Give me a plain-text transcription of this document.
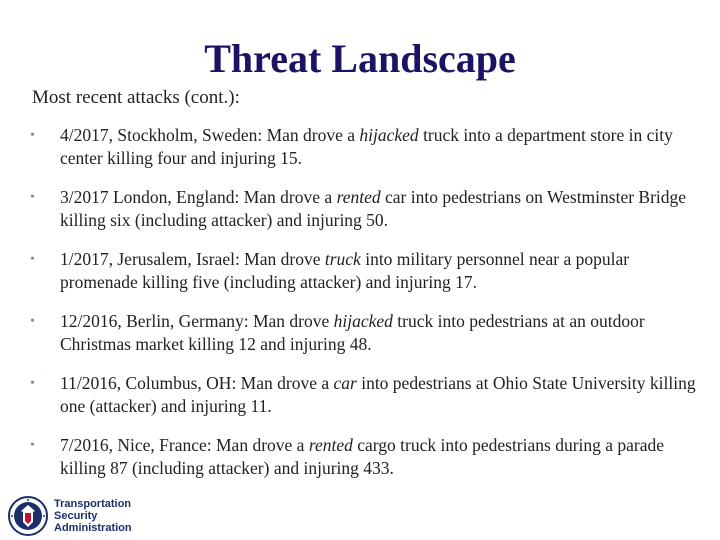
Threat Landscape
Most recent attacks (cont.):
• 4/2017, Stockholm, Sweden: Man drove a hijacked truck into a department store in city center killing four and injuring 15.
• 3/2017 London, England: Man drove a rented car into pedestrians on Westminster Bridge killing six (including attacker) and injuring 50.
• 1/2017, Jerusalem, Israel: Man drove truck into military personnel near a popular promenade killing five (including attacker) and injuring 17.
• 12/2016, Berlin, Germany: Man drove hijacked truck into pedestrians at an outdoor Christmas market killing 12 and injuring 48.
• 11/2016, Columbus, OH: Man drove a car into pedestrians at Ohio State University killing one (attacker) and injuring 11.
• 7/2016, Nice, France: Man drove a rented cargo truck into pedestrians during a parade killing 87 (including attacker) and injuring 433.
Transportation
Security
Administration
